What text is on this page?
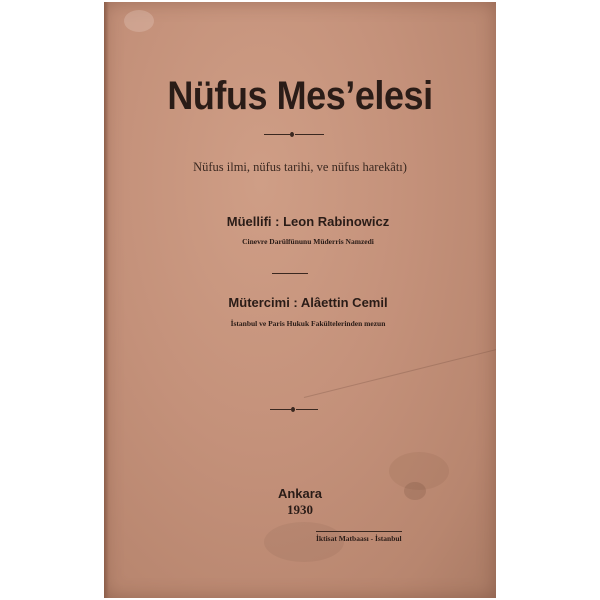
Nüfus Mes’elesi
Nüfus ilmi, nüfus tarihi, ve nüfus harekâtı)
Müellifi : Leon Rabinowicz
Cinevre Darülfünunu Müderris Namzedi
Mütercimi : Alâettin Cemil
İstanbul ve Paris Hukuk Fakültelerinden mezun
Ankara
1930
İktisat Matbaası - İstanbul
